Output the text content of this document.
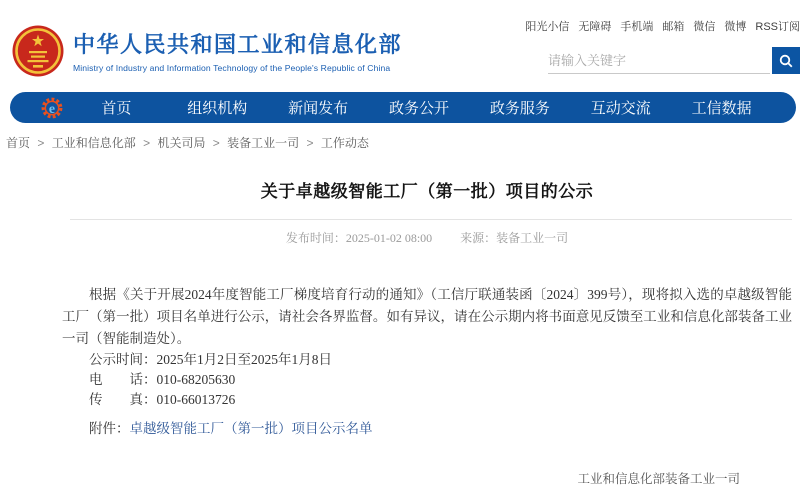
中华人民共和国工业和信息化部
Ministry of Industry and Information Technology of the People's Republic of China
阳光小信 无障碍 手机端 邮箱 微信 微博 RSS订阅
请输入关键字
e	首页	组织机构	新闻发布	政务公开	政务服务	互动交流	工信数据
首页 > 工业和信息化部 > 机关司局 > 装备工业一司 > 工作动态
关于卓越级智能工厂（第一批）项目的公示
发布时间：2025-01-02 08:00 来源：装备工业一司

根据《关于开展2024年度智能工厂梯度培育行动的通知》（工信厅联通装函〔2024〕399号），现将拟入选的卓越级智能工厂（第一批）项目名单进行公示，请社会各界监督。如有异议，请在公示期内将书面意见反馈至工业和信息化部装备工业一司（智能制造处）。

公示时间：2025年1月2日至2025年1月8日

电　　话：010-68205630

传　　真：010-66013726

附件：卓越级智能工厂（第一批）项目公示名单

工业和信息化部装备工业一司
